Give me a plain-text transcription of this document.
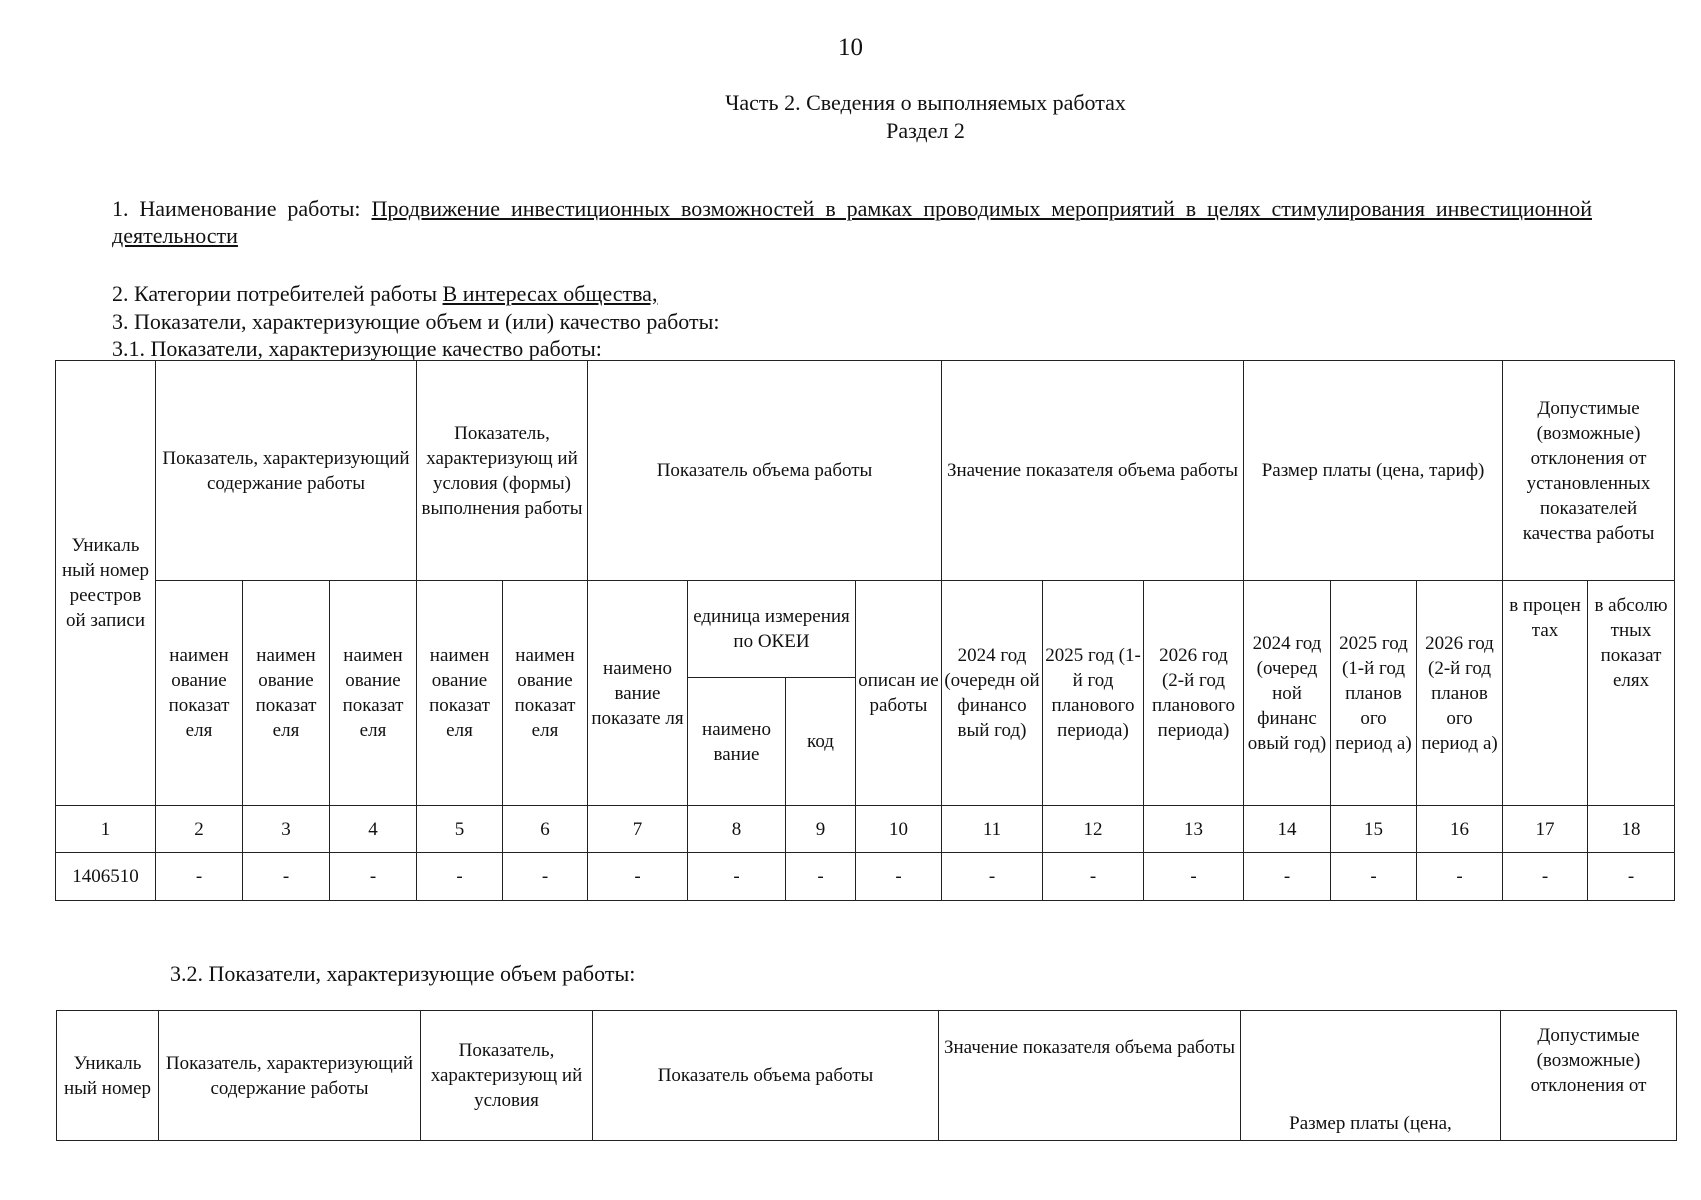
10
Часть 2. Сведения о выполняемых работах
Раздел 2
1. Наименование работы: Продвижение инвестиционных возможностей в рамках проводимых мероприятий в целях стимулирования инвестиционной деятельности
2. Категории потребителей работы В интересах общества,
3. Показатели, характеризующие объем и (или) качество работы:
3.1. Показатели, характеризующие качество работы:
Уникаль ный номер реестров ой записи	Показатель, характеризующий содержание работы			Показатель, характеризующ ий условия (формы) выполнения работы		Показатель объема работы				Значение показателя объема работы			Размер платы (цена, тариф)			Допустимые (возможные) отклонения от установленных показателей качества работы	
	наимен ование показат еля	наимен ование показат еля	наимен ование показат еля	наимен ование показат еля	наимен ование показат еля	наимено вание показате ля	единица измерения по ОКЕИ		описан ие работы	2024 год (очередн ой финансо вый год)	2025 год (1-й год планового периода)	2026 год (2-й год планового периода)	2024 год (очеред ной финанс овый год)	2025 год (1-й год планов ого период а)	2026 год (2-й год планов ого период а)	в процен тах	в абсолю тных показат елях
							наимено вание	код									
1	2	3	4	5	6	7	8	9	10	11	12	13	14	15	16	17	18
1406510	-	-	-	-	-	-	-	-	-	-	-	-	-	-	-	-	-
3.2. Показатели, характеризующие объем работы:
Уникаль ный номер	Показатель, характеризующий содержание работы	Показатель, характеризующ ий условия	Показатель объема работы	Значение показателя объема работы	Размер платы (цена,	Допустимые (возможные) отклонения от
